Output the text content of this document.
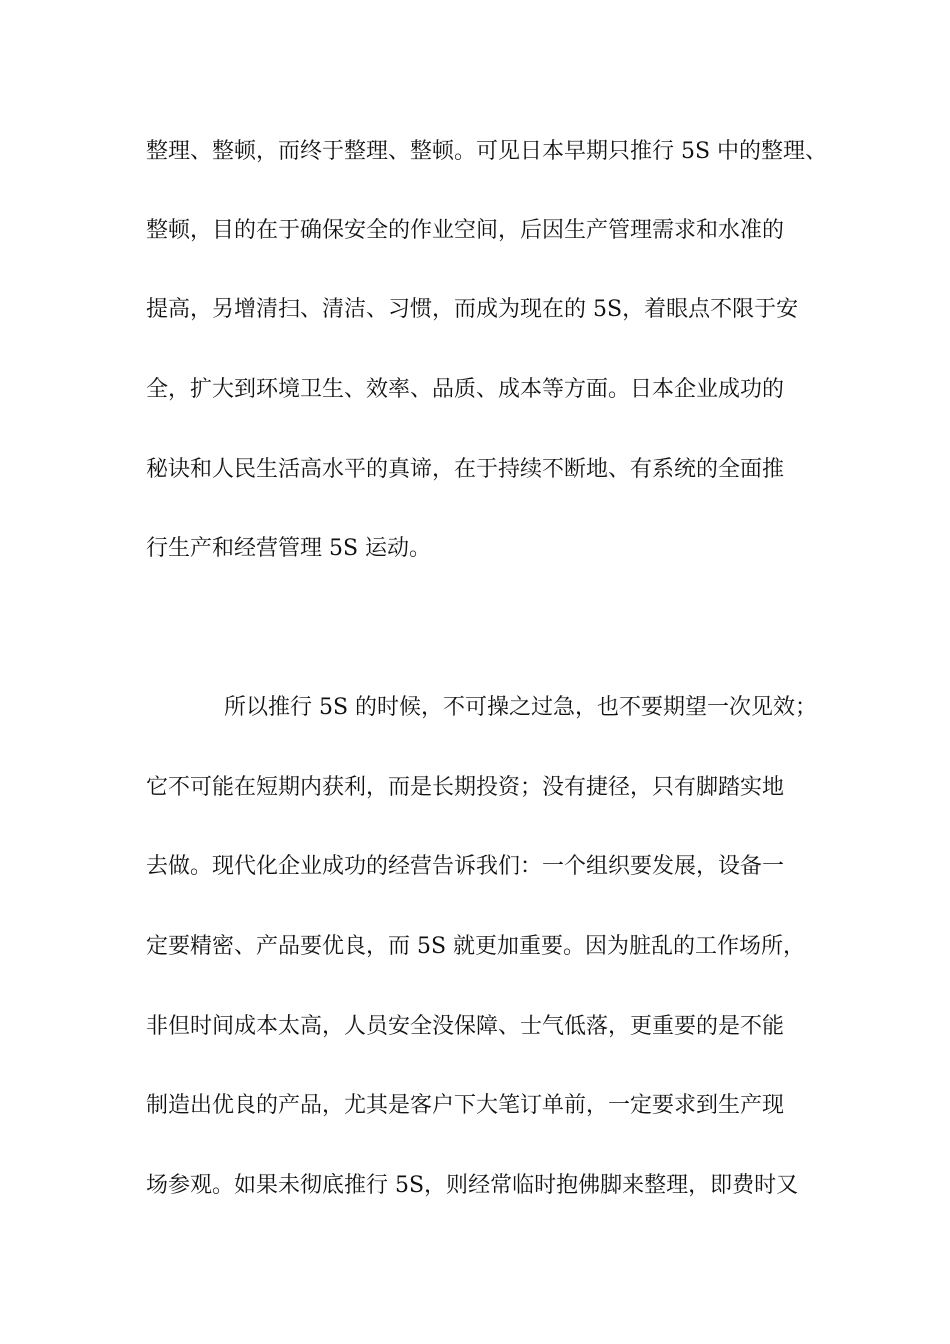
整理、整顿，而终于整理、整顿。可见日本早期只推行 5S 中的整理、
整顿，目的在于确保安全的作业空间，后因生产管理需求和水准的
提高，另增清扫、清洁、习惯，而成为现在的 5S，着眼点不限于安
全，扩大到环境卫生、效率、品质、成本等方面。日本企业成功的
秘诀和人民生活高水平的真谛，在于持续不断地、有系统的全面推
行生产和经营管理 5S 运动。
所以推行 5S 的时候，不可操之过急，也不要期望一次见效；
它不可能在短期内获利，而是长期投资；没有捷径，只有脚踏实地
去做。现代化企业成功的经营告诉我们：一个组织要发展，设备一
定要精密、产品要优良，而 5S 就更加重要。因为脏乱的工作场所，
非但时间成本太高，人员安全没保障、士气低落，更重要的是不能
制造出优良的产品，尤其是客户下大笔订单前，一定要求到生产现
场参观。如果未彻底推行 5S，则经常临时抱佛脚来整理，即费时又
